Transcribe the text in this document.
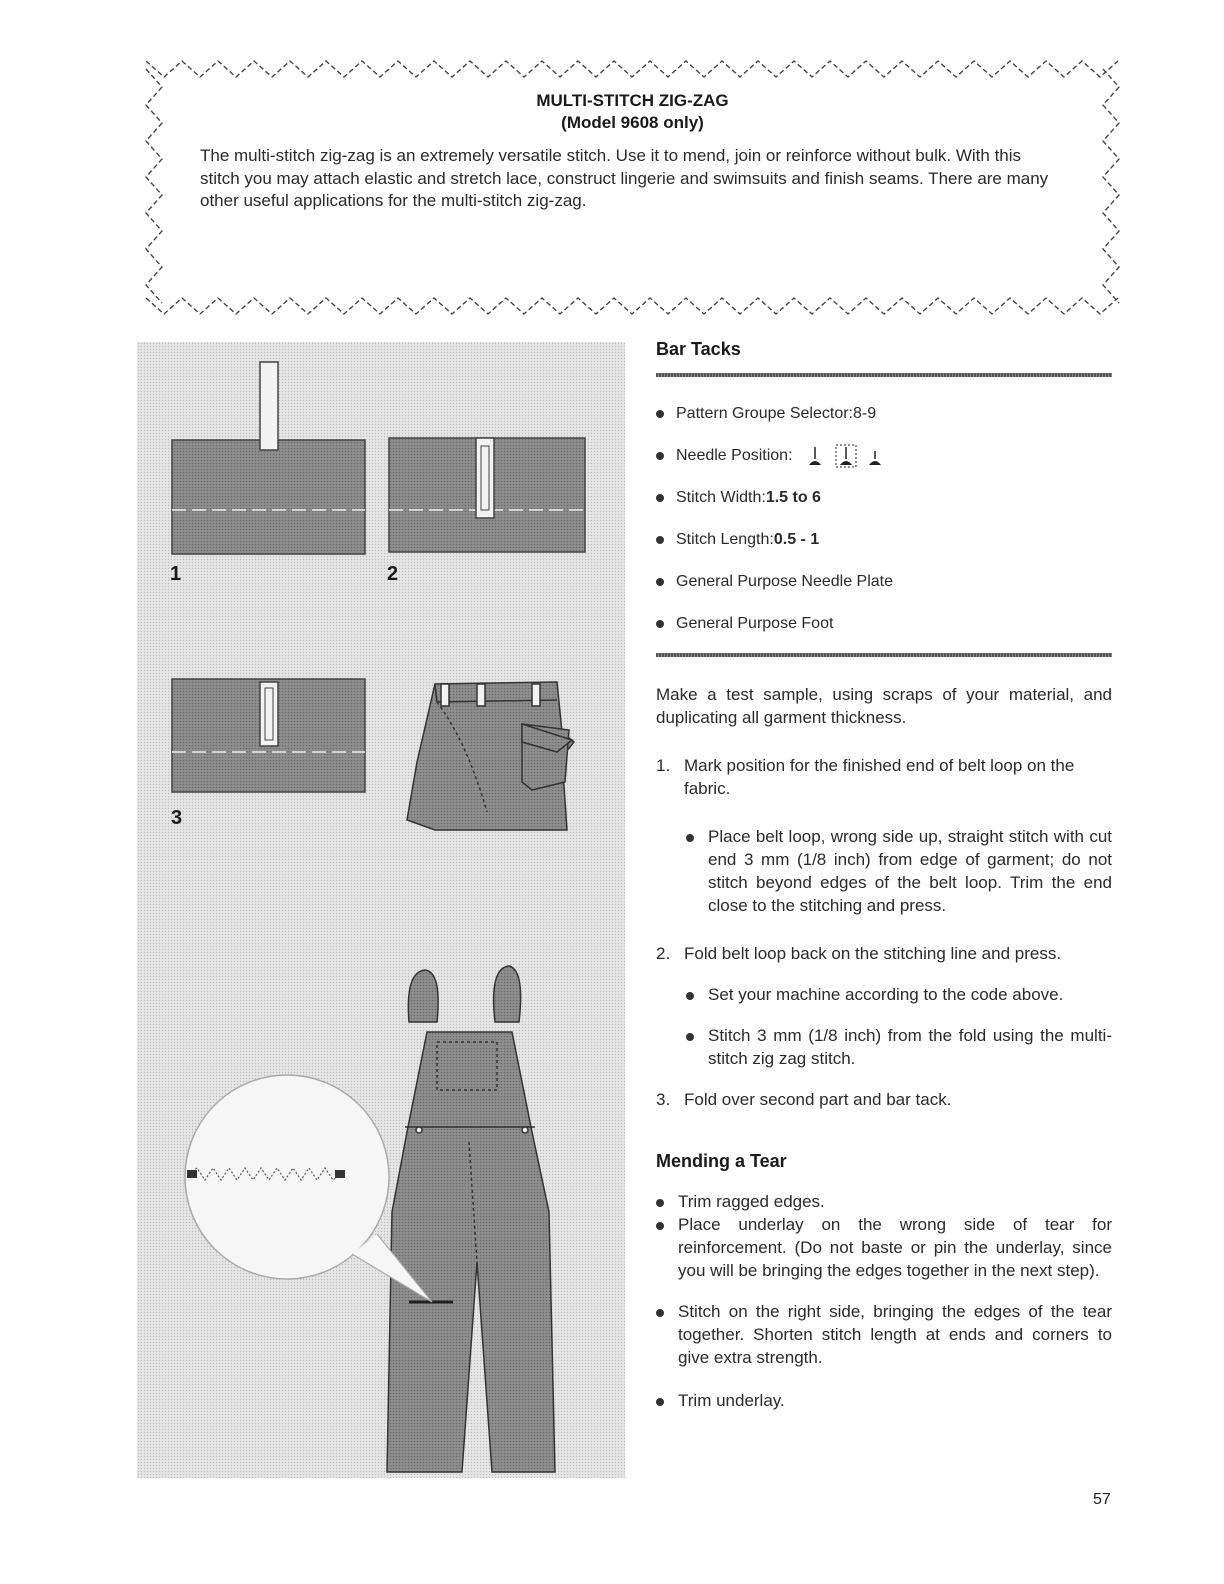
MULTI-STITCH ZIG-ZAG
(Model 9608 only)
The multi-stitch zig-zag is an extremely versatile stitch. Use it to mend, join or reinforce without bulk. With this stitch you may attach elastic and stretch lace, construct lingerie and swimsuits and finish seams. There are many other useful applications for the multi-stitch zig-zag.
1	2
3
Bar Tacks
Pattern Groupe Selector: 8-9
Needle Position:
Stitch Width: 1.5 to 6
Stitch Length: 0.5 - 1
General Purpose Needle Plate
General Purpose Foot
Make a test sample, using scraps of your material, and duplicating all garment thickness.
1. Mark position for the finished end of belt loop on the fabric.
Place belt loop, wrong side up, straight stitch with cut end 3 mm (1/8 inch) from edge of garment; do not stitch beyond edges of the belt loop. Trim the end close to the stitching and press.
2. Fold belt loop back on the stitching line and press.
Set your machine according to the code above.
Stitch 3 mm (1/8 inch) from the fold using the multi-stitch zig zag stitch.
3. Fold over second part and bar tack.
Mending a Tear
Trim ragged edges.
Place underlay on the wrong side of tear for reinforcement. (Do not baste or pin the underlay, since you will be bringing the edges together in the next step).
Stitch on the right side, bringing the edges of the tear together. Shorten stitch length at ends and corners to give extra strength.
Trim underlay.
57
